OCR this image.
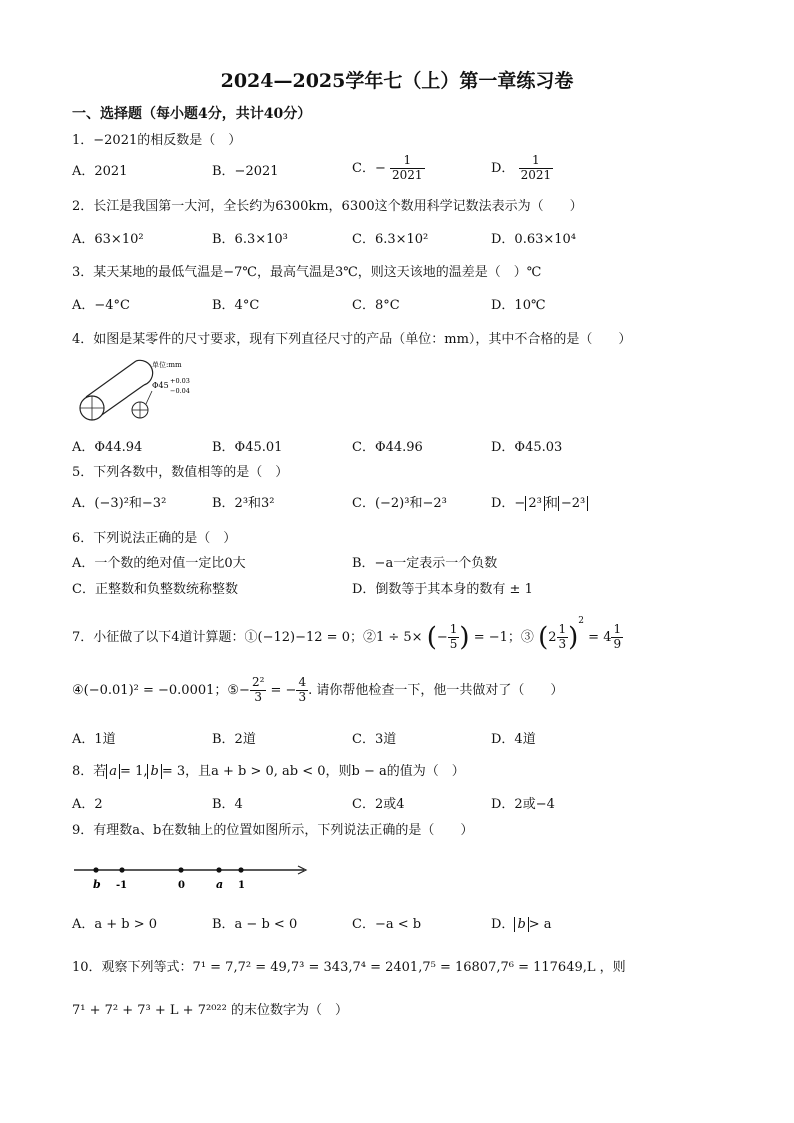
2024—2025学年七（上）第一章练习卷
一、选择题（每小题4分，共计40分）
1．−2021的相反数是（　）
A．2021	B．−2021	C．− $\frac{1}{2021}$	D． $\frac{1}{2021}$
2．长江是我国第一大河，全长约为6300km，6300这个数用科学记数法表示为（　　）
A．63×10²	B．6.3×10³	C．6.3×10²	D．0.63×10⁴
3．某天某地的最低气温是−7℃，最高气温是3℃，则这天该地的温差是（　）℃
A．−4°C	B．4°C	C．8°C	D．10℃
4．如图是某零件的尺寸要求，现有下列直径尺寸的产品（单位：mm），其中不合格的是（　　）
单位:mm
Φ45 +0.03
−0.04
A．Φ44.94	B．Φ45.01	C．Φ44.96	D．Φ45.03
5．下列各数中，数值相等的是（　）
A．(−3)²和−3²	B．2³和3²	C．(−2)³和−2³	D．− 2³ 和 −2³
6．下列说法正确的是（　）
A．一个数的绝对值一定比0大	B．−a一定表示一个负数
C．正整数和负整数统称整数	D．倒数等于其本身的数有 ± 1
7．小征做了以下4道计算题：①(−12)−12 = 0；②1 ÷ 5× (− $\frac{1}{5}$ ) = −1；③ $(2 \frac{1}{3} )^2 = 4 \frac{1}{9}$
④(−0.01)² = −0.0001；⑤− $\frac{\text{2²}}{3}$ = − $\frac{4}{3}$ . 请你帮他检查一下，他一共做对了（　　）
A．1道	B．2道	C．3道	D．4道
8．若 a = 1, b = 3，且a + b > 0, ab < 0，则b − a的值为（　）
A．2	B．4	C．2或4	D．2或−4
9．有理数a、b在数轴上的位置如图所示，下列说法正确的是（　　）
b -1	0	a 1
A．a + b > 0	B．a − b < 0	C．−a < b	D． b > a
10．观察下列等式：7¹ = 7,7² = 49,7³ = 343,7⁴ = 2401,7⁵ = 16807,7⁶ = 117649,L ，则
7¹ + 7² + 7³ + L + 7²⁰²² 的末位数字为（　）
